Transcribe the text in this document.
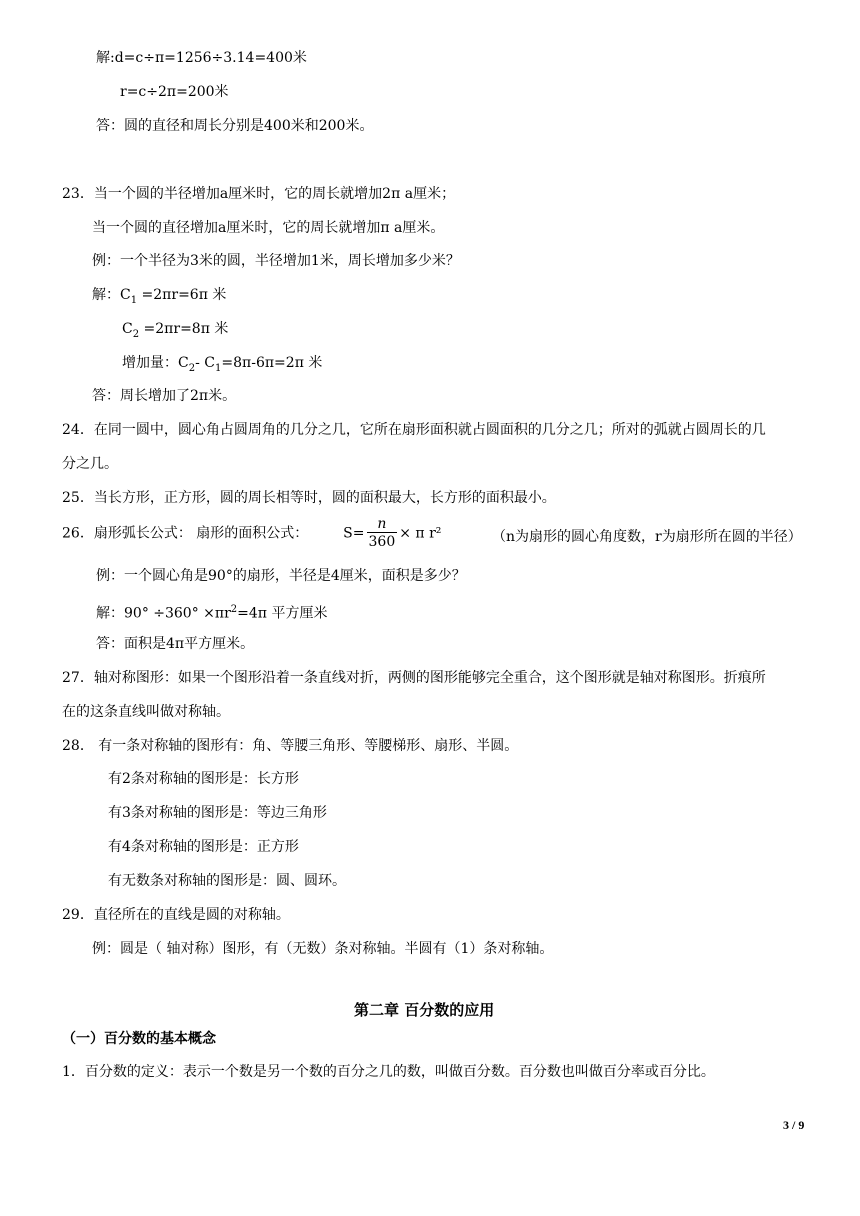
解:d=c÷π=1256÷3.14=400米
r=c÷2π=200米
答：圆的直径和周长分别是400米和200米。
23．当一个圆的半径增加a厘米时，它的周长就增加2π a厘米；
当一个圆的直径增加a厘米时，它的周长就增加π a厘米。
例：一个半径为3米的圆，半径增加1米，周长增加多少米？
解：$C_1 =2\pi r=6\pi$ 米
$C_2 =2\pi r=8\pi$ 米
增加量：$C_2-$ $C_1=8\pi-6\pi=2\pi$ 米
答：周长增加了2π米。
24．在同一圆中，圆心角占圆周角的几分之几，它所在扇形面积就占圆面积的几分之几；所对的弧就占圆周长的几
分之几。
25．当长方形，正方形，圆的周长相等时，圆的面积最大，长方形的面积最小。
26．扇形弧长公式： 扇形的面积公式： $S= \frac{n}{360} \times \pi$ r²	（n为扇形的圆心角度数，r为扇形所在圆的半径）
例：一个圆心角是90°的扇形，半径是4厘米，面积是多少？
解：$90^\circ \div 360^\circ \times\pi r^2=4\pi$ 平方厘米
答：面积是4π平方厘米。
27．轴对称图形：如果一个图形沿着一条直线对折，两侧的图形能够完全重合，这个图形就是轴对称图形。折痕所
在的这条直线叫做对称轴。
28． 有一条对称轴的图形有：角、等腰三角形、等腰梯形、扇形、半圆。
有2条对称轴的图形是：长方形
有3条对称轴的图形是：等边三角形
有4条对称轴的图形是：正方形
有无数条对称轴的图形是：圆、圆环。
29．直径所在的直线是圆的对称轴。
例：圆是（ 轴对称）图形，有（无数）条对称轴。半圆有（1）条对称轴。
第二章 百分数的应用
（一）百分数的基本概念
1．百分数的定义：表示一个数是另一个数的百分之几的数，叫做百分数。百分数也叫做百分率或百分比。
3 / 9
